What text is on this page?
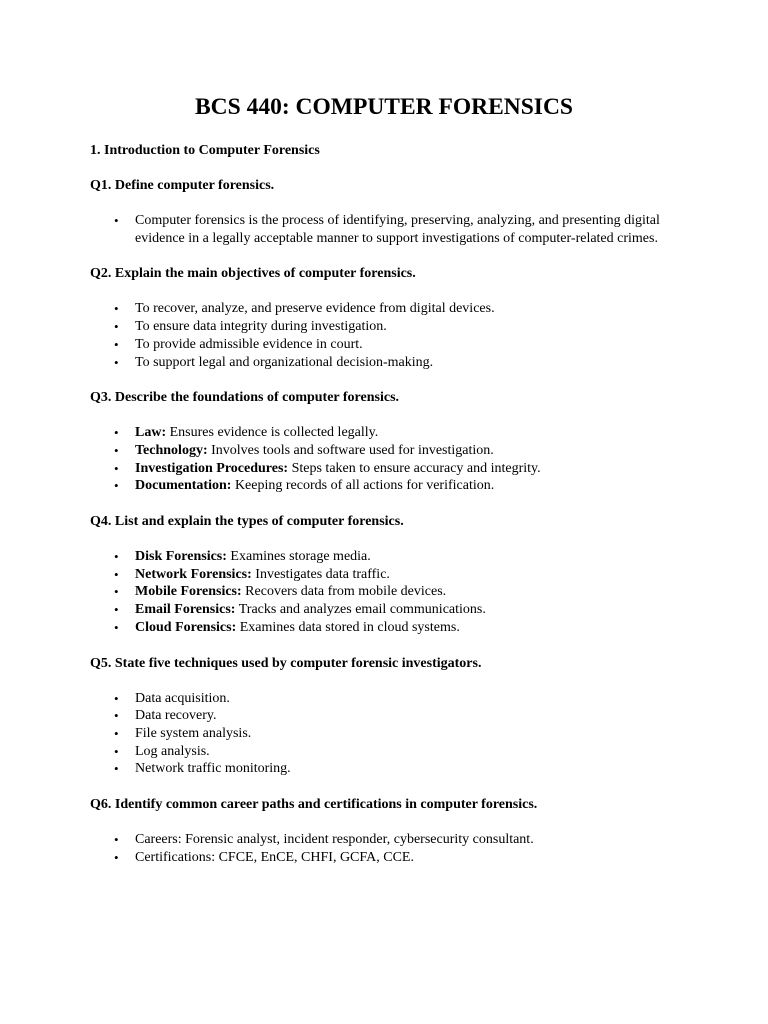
BCS 440: COMPUTER FORENSICS
1. Introduction to Computer Forensics
Q1. Define computer forensics.
• Computer forensics is the process of identifying, preserving, analyzing, and presenting digital evidence in a legally acceptable manner to support investigations of computer-related crimes.
Q2. Explain the main objectives of computer forensics.
• To recover, analyze, and preserve evidence from digital devices.
• To ensure data integrity during investigation.
• To provide admissible evidence in court.
• To support legal and organizational decision-making.
Q3. Describe the foundations of computer forensics.
• Law: Ensures evidence is collected legally.
• Technology: Involves tools and software used for investigation.
• Investigation Procedures: Steps taken to ensure accuracy and integrity.
• Documentation: Keeping records of all actions for verification.
Q4. List and explain the types of computer forensics.
• Disk Forensics: Examines storage media.
• Network Forensics: Investigates data traffic.
• Mobile Forensics: Recovers data from mobile devices.
• Email Forensics: Tracks and analyzes email communications.
• Cloud Forensics: Examines data stored in cloud systems.
Q5. State five techniques used by computer forensic investigators.
• Data acquisition.
• Data recovery.
• File system analysis.
• Log analysis.
• Network traffic monitoring.
Q6. Identify common career paths and certifications in computer forensics.
• Careers: Forensic analyst, incident responder, cybersecurity consultant.
• Certifications: CFCE, EnCE, CHFI, GCFA, CCE.
